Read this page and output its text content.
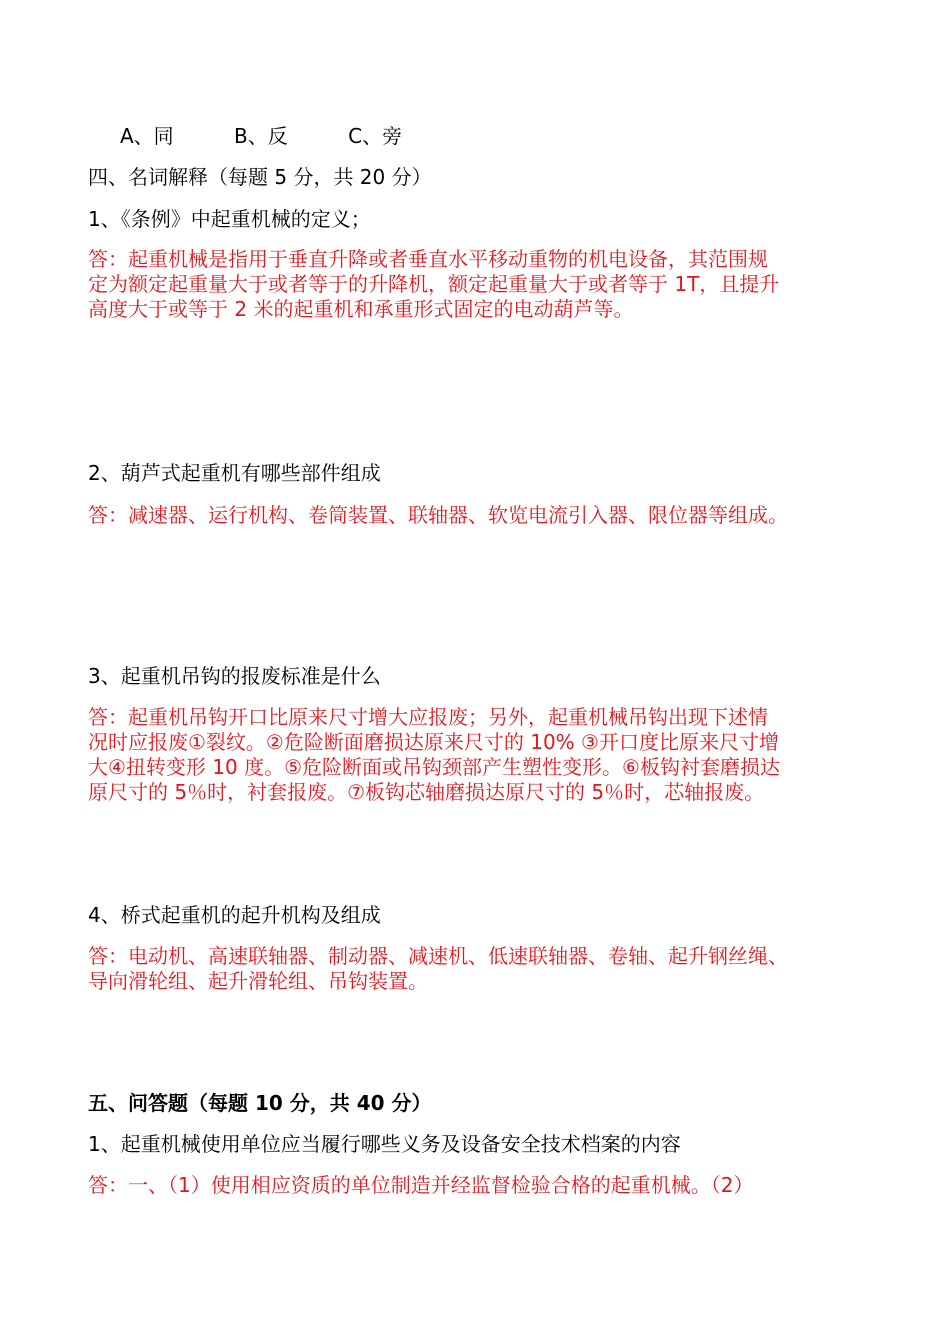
A、同	B、反	C、旁
四、名词解释（每题 5 分，共 20 分）
1、《条例》中起重机械的定义；
答：起重机械是指用于垂直升降或者垂直水平移动重物的机电设备，其范围规
定为额定起重量大于或者等于的升降机，额定起重量大于或者等于 1T，且提升
高度大于或等于 2 米的起重机和承重形式固定的电动葫芦等。
2、葫芦式起重机有哪些部件组成
答：减速器、运行机构、卷筒装置、联轴器、软览电流引入器、限位器等组成。
3、起重机吊钩的报废标准是什么
答：起重机吊钩开口比原来尺寸增大应报废；另外，起重机械吊钩出现下述情
况时应报废①裂纹。②危险断面磨损达原来尺寸的 10% ③开口度比原来尺寸增
大④扭转变形 10 度。⑤危险断面或吊钩颈部产生塑性变形。⑥板钩衬套磨损达
原尺寸的 5％时，衬套报废。⑦板钩芯轴磨损达原尺寸的 5％时，芯轴报废。
4、桥式起重机的起升机构及组成
答：电动机、高速联轴器、制动器、减速机、低速联轴器、卷轴、起升钢丝绳、
导向滑轮组、起升滑轮组、吊钩装置。
五、问答题（每题 10 分，共 40 分）
1、起重机械使用单位应当履行哪些义务及设备安全技术档案的内容
答：一、（1）使用相应资质的单位制造并经监督检验合格的起重机械。（2）
